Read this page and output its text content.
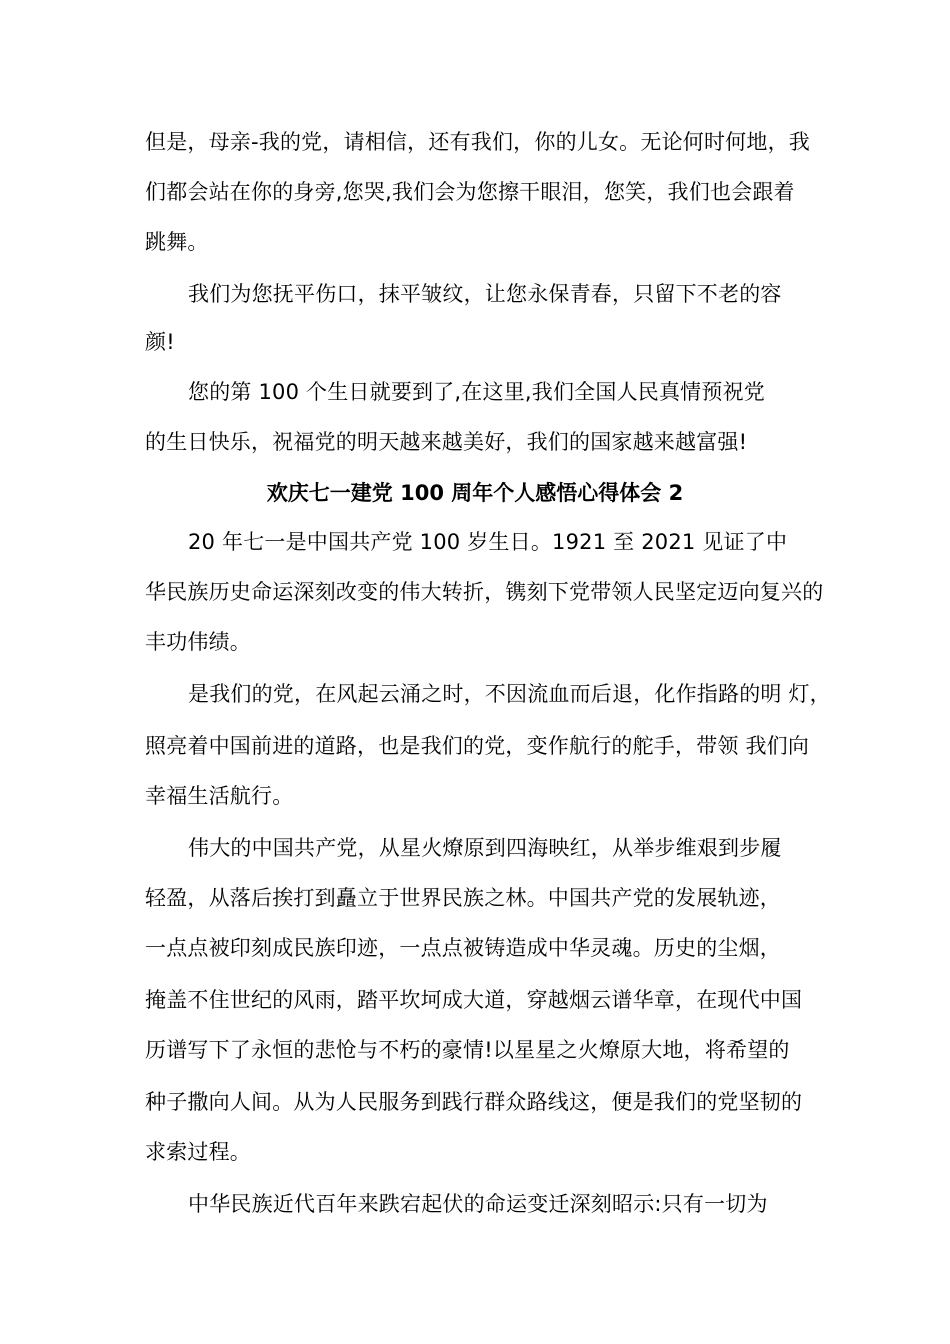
但是，母亲-我的党，请相信，还有我们，你的儿女。无论何时何地，我
们都会站在你的身旁,您哭,我们会为您擦干眼泪，您笑，我们也会跟着
跳舞。
我们为您抚平伤口，抹平皱纹，让您永保青春，只留下不老的容
颜!
您的第 100 个生日就要到了,在这里,我们全国人民真情预祝党
的生日快乐，祝福党的明天越来越美好，我们的国家越来越富强!
欢庆七一建党 100 周年个人感悟心得体会 2
20 年七一是中国共产党 100 岁生日。1921 至 2021 见证了中
华民族历史命运深刻改变的伟大转折，镌刻下党带领人民坚定迈向复兴的
丰功伟绩。
是我们的党，在风起云涌之时，不因流血而后退，化作指路的明 灯，
照亮着中国前进的道路，也是我们的党，变作航行的舵手，带领 我们向
幸福生活航行。
伟大的中国共产党，从星火燎原到四海映红，从举步维艰到步履
轻盈，从落后挨打到矗立于世界民族之林。中国共产党的发展轨迹，
一点点被印刻成民族印迹，一点点被铸造成中华灵魂。历史的尘烟，
掩盖不住世纪的风雨，踏平坎坷成大道，穿越烟云谱华章，在现代中国
历谱写下了永恒的悲怆与不朽的豪情!以星星之火燎原大地，将希望的
种子撒向人间。从为人民服务到践行群众路线这，便是我们的党坚韧的
求索过程。
中华民族近代百年来跌宕起伏的命运变迁深刻昭示:只有一切为
